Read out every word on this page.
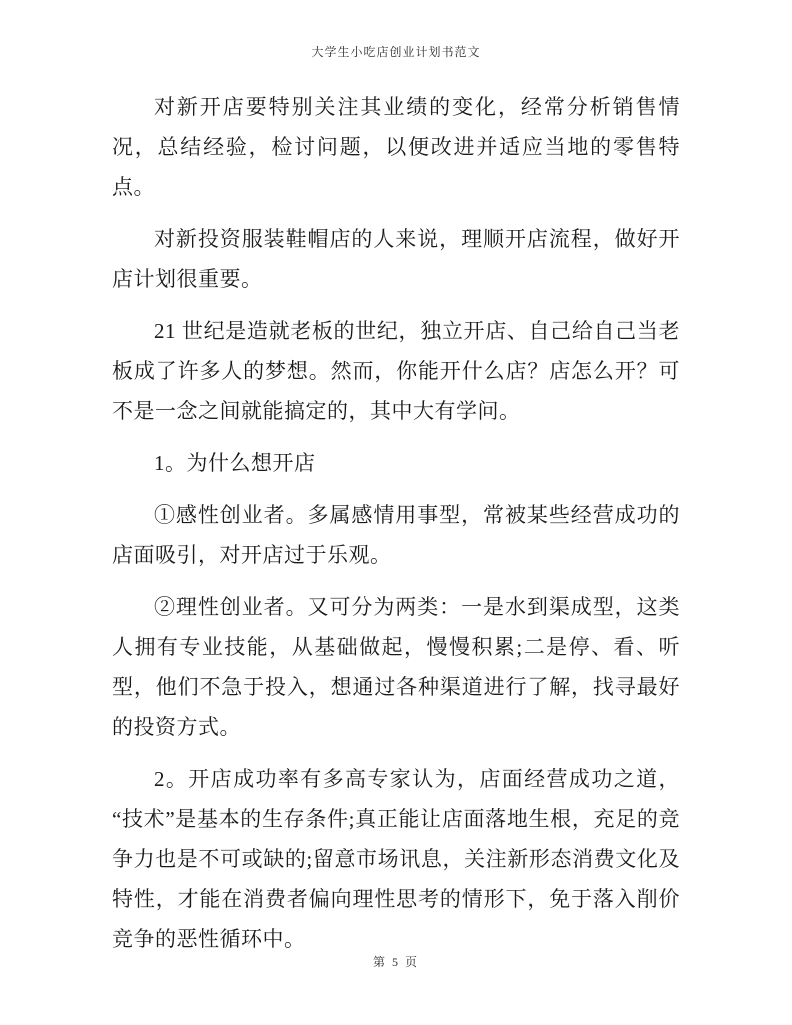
大学生小吃店创业计划书范文

对新开店要特别关注其业绩的变化，经常分析销售情况，总结经验，检讨问题，以便改进并适应当地的零售特点。

对新投资服装鞋帽店的人来说，理顺开店流程，做好开店计划很重要。

21 世纪是造就老板的世纪，独立开店、自己给自己当老板成了许多人的梦想。然而，你能开什么店？店怎么开？可不是一念之间就能搞定的，其中大有学问。

1。为什么想开店

①感性创业者。多属感情用事型，常被某些经营成功的店面吸引，对开店过于乐观。

②理性创业者。又可分为两类：一是水到渠成型，这类人拥有专业技能，从基础做起，慢慢积累;二是停、看、听型，他们不急于投入，想通过各种渠道进行了解，找寻最好的投资方式。

2。开店成功率有多高专家认为，店面经营成功之道，“技术”是基本的生存条件;真正能让店面落地生根，充足的竞争力也是不可或缺的;留意市场讯息，关注新形态消费文化及特性，才能在消费者偏向理性思考的情形下，免于落入削价竞争的恶性循环中。

第 5 页
